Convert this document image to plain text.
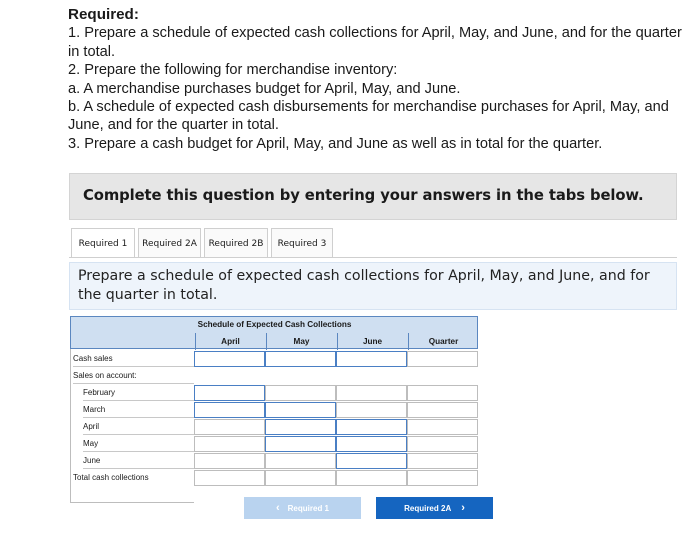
Required:
1. Prepare a schedule of expected cash collections for April, May, and June, and for the quarter in total.
2. Prepare the following for merchandise inventory:
a. A merchandise purchases budget for April, May, and June.
b. A schedule of expected cash disbursements for merchandise purchases for April, May, and June, and for the quarter in total.
3. Prepare a cash budget for April, May, and June as well as in total for the quarter.
Complete this question by entering your answers in the tabs below.
Required 1	Required 2A	Required 2B	Required 3
Prepare a schedule of expected cash collections for April, May, and June, and for the quarter in total.
Schedule of Expected Cash Collections
April	May	June	Quarter
Cash sales
Sales on account:
February
March
April
May
June
Total cash collections
‹ Required 1	Required 2A ›
